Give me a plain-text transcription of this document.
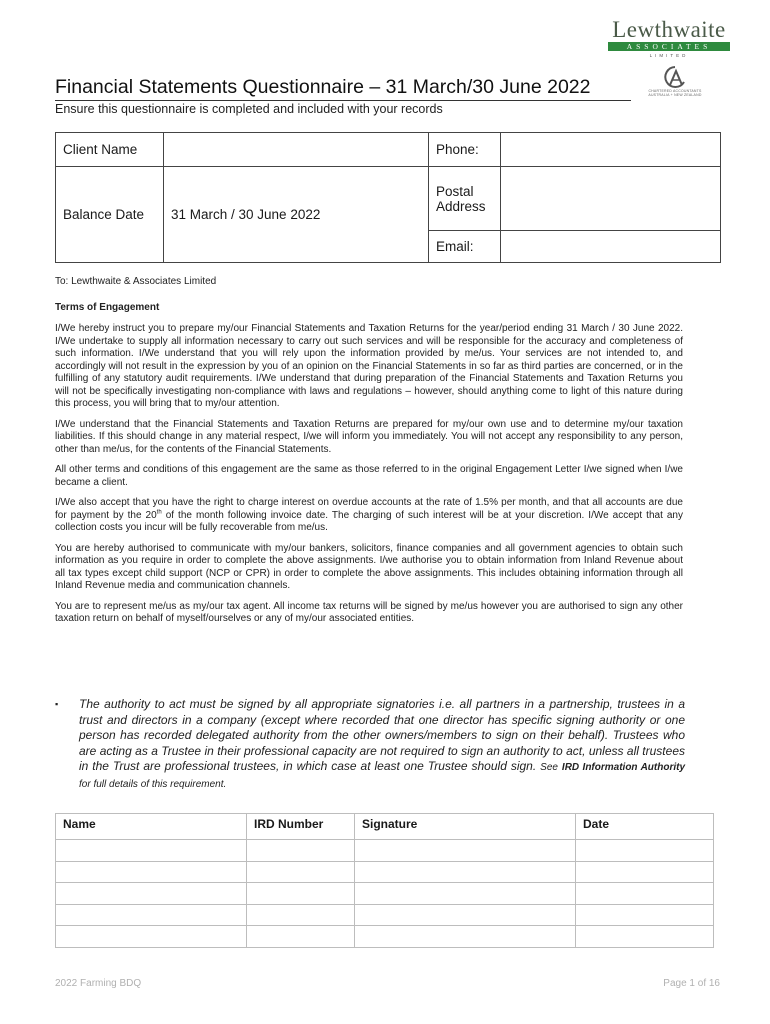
Lewthwaite
ASSOCIATES
LIMITED
CHARTERED ACCOUNTANTS
AUSTRALIA + NEW ZEALAND
Financial Statements Questionnaire – 31 March/30 June 2022
Ensure this questionnaire is completed and included with your records
Client Name		Phone:	
Balance Date	31 March / 30 June 2022	Postal Address	
		Email:	

To: Lewthwaite & Associates Limited

Terms of Engagement

I/We hereby instruct you to prepare my/our Financial Statements and Taxation Returns for the year/period ending 31 March / 30 June 2022. I/We undertake to supply all information necessary to carry out such services and will be responsible for the accuracy and completeness of such information. I/We understand that you will rely upon the information provided by me/us. Your services are not intended to, and accordingly will not result in the expression by you of an opinion on the Financial Statements in so far as third parties are concerned, or in the fulfilling of any statutory audit requirements. I/We understand that during preparation of the Financial Statements and Taxation Returns you will not be specifically investigating non-compliance with laws and regulations – however, should anything come to light of this nature during this process, you will bring that to my/our attention.

I/We understand that the Financial Statements and Taxation Returns are prepared for my/our own use and to determine my/our taxation liabilities. If this should change in any material respect, I/we will inform you immediately. You will not accept any responsibility to any person, other than me/us, for the contents of the Financial Statements.

All other terms and conditions of this engagement are the same as those referred to in the original Engagement Letter I/we signed when I/we became a client.

I/We also accept that you have the right to charge interest on overdue accounts at the rate of 1.5% per month, and that all accounts are due for payment by the 20th of the month following invoice date. The charging of such interest will be at your discretion. I/We accept that any collection costs you incur will be fully recoverable from me/us.

You are hereby authorised to communicate with my/our bankers, solicitors, finance companies and all government agencies to obtain such information as you require in order to complete the above assignments. I/we authorise you to obtain information from Inland Revenue about all tax types except child support (NCP or CPR) in order to complete the above assignments. This includes obtaining information through all Inland Revenue media and communication channels.

You are to represent me/us as my/our tax agent. All income tax returns will be signed by me/us however you are authorised to sign any other taxation return on behalf of myself/ourselves or any of my/our associated entities.

▪ The authority to act must be signed by all appropriate signatories i.e. all partners in a partnership, trustees in a trust and directors in a company (except where recorded that one director has specific signing authority or one person has recorded delegated authority from the other owners/members to sign on their behalf). Trustees who are acting as a Trustee in their professional capacity are not required to sign an authority to act, unless all trustees in the Trust are professional trustees, in which case at least one Trustee should sign. See IRD Information Authority for full details of this requirement.
Name	IRD Number	Signature	Date

2022 Farming BDQ	Page 1 of 16
